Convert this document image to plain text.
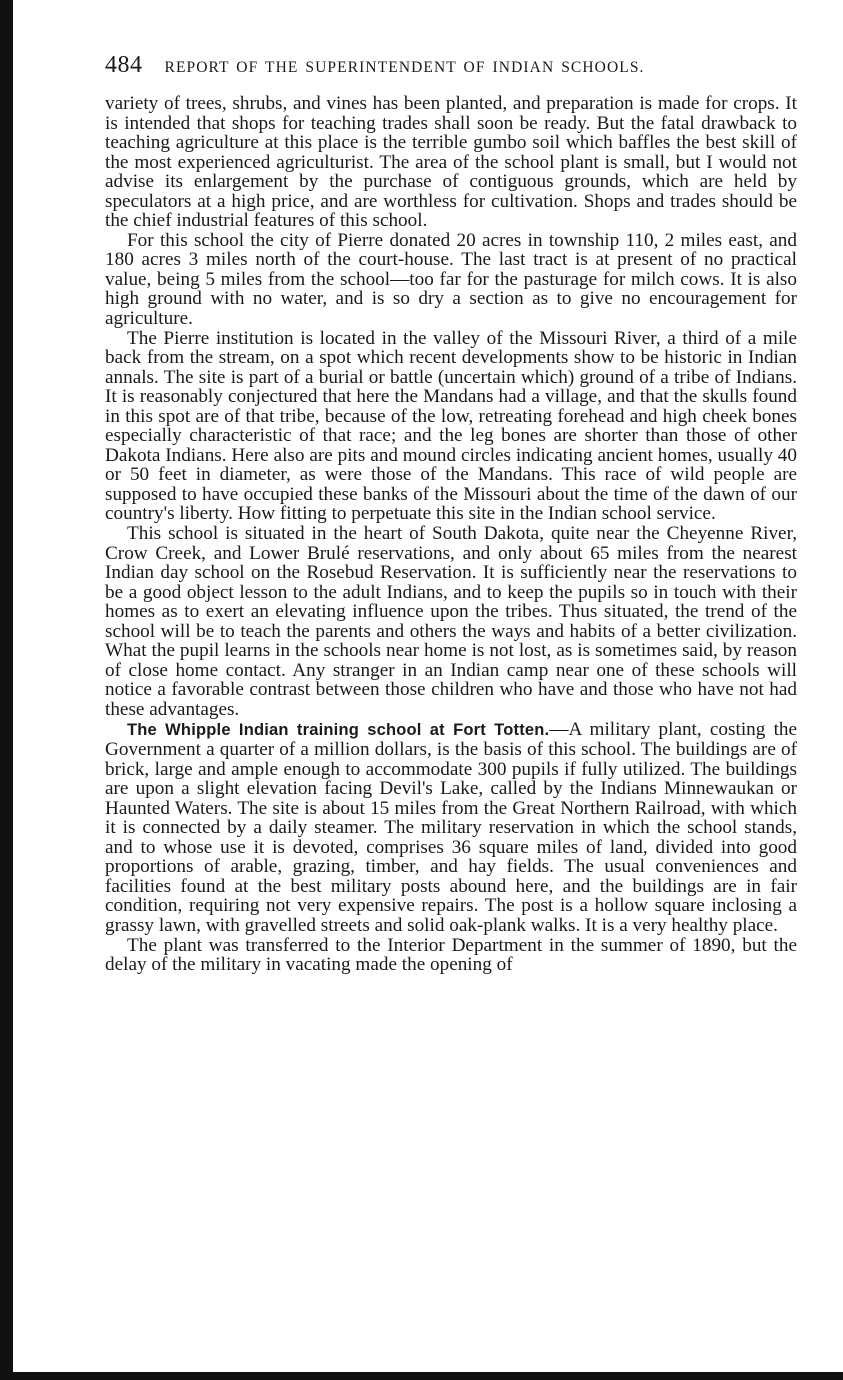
484 REPORT OF THE SUPERINTENDENT OF INDIAN SCHOOLS.

variety of trees, shrubs, and vines has been planted, and preparation is made for crops. It is intended that shops for teaching trades shall soon be ready. But the fatal drawback to teaching agriculture at this place is the terrible gumbo soil which baffles the best skill of the most experienced agriculturist. The area of the school plant is small, but I would not advise its enlargement by the purchase of contiguous grounds, which are held by speculators at a high price, and are worthless for cultivation. Shops and trades should be the chief industrial features of this school.

For this school the city of Pierre donated 20 acres in township 110, 2 miles east, and 180 acres 3 miles north of the court-house. The last tract is at present of no practical value, being 5 miles from the school—too far for the pasturage for milch cows. It is also high ground with no water, and is so dry a section as to give no encouragement for agriculture.

The Pierre institution is located in the valley of the Missouri River, a third of a mile back from the stream, on a spot which recent developments show to be historic in Indian annals. The site is part of a burial or battle (uncertain which) ground of a tribe of Indians. It is reasonably conjectured that here the Mandans had a village, and that the skulls found in this spot are of that tribe, because of the low, retreating forehead and high cheek bones especially characteristic of that race; and the leg bones are shorter than those of other Dakota Indians. Here also are pits and mound circles indicating ancient homes, usually 40 or 50 feet in diameter, as were those of the Mandans. This race of wild people are supposed to have occupied these banks of the Missouri about the time of the dawn of our country's liberty. How fitting to perpetuate this site in the Indian school service.

This school is situated in the heart of South Dakota, quite near the Cheyenne River, Crow Creek, and Lower Brulé reservations, and only about 65 miles from the nearest Indian day school on the Rosebud Reservation. It is sufficiently near the reservations to be a good object lesson to the adult Indians, and to keep the pupils so in touch with their homes as to exert an elevating influence upon the tribes. Thus situated, the trend of the school will be to teach the parents and others the ways and habits of a better civilization. What the pupil learns in the schools near home is not lost, as is sometimes said, by reason of close home contact. Any stranger in an Indian camp near one of these schools will notice a favorable contrast between those children who have and those who have not had these advantages.

The Whipple Indian training school at Fort Totten.—A military plant, costing the Government a quarter of a million dollars, is the basis of this school. The buildings are of brick, large and ample enough to accommodate 300 pupils if fully utilized. The buildings are upon a slight elevation facing Devil's Lake, called by the Indians Minnewaukan or Haunted Waters. The site is about 15 miles from the Great Northern Railroad, with which it is connected by a daily steamer. The military reservation in which the school stands, and to whose use it is devoted, comprises 36 square miles of land, divided into good proportions of arable, grazing, timber, and hay fields. The usual conveniences and facilities found at the best military posts abound here, and the buildings are in fair condition, requiring not very expensive repairs. The post is a hollow square inclosing a grassy lawn, with gravelled streets and solid oak-plank walks. It is a very healthy place.

The plant was transferred to the Interior Department in the summer of 1890, but the delay of the military in vacating made the opening of
